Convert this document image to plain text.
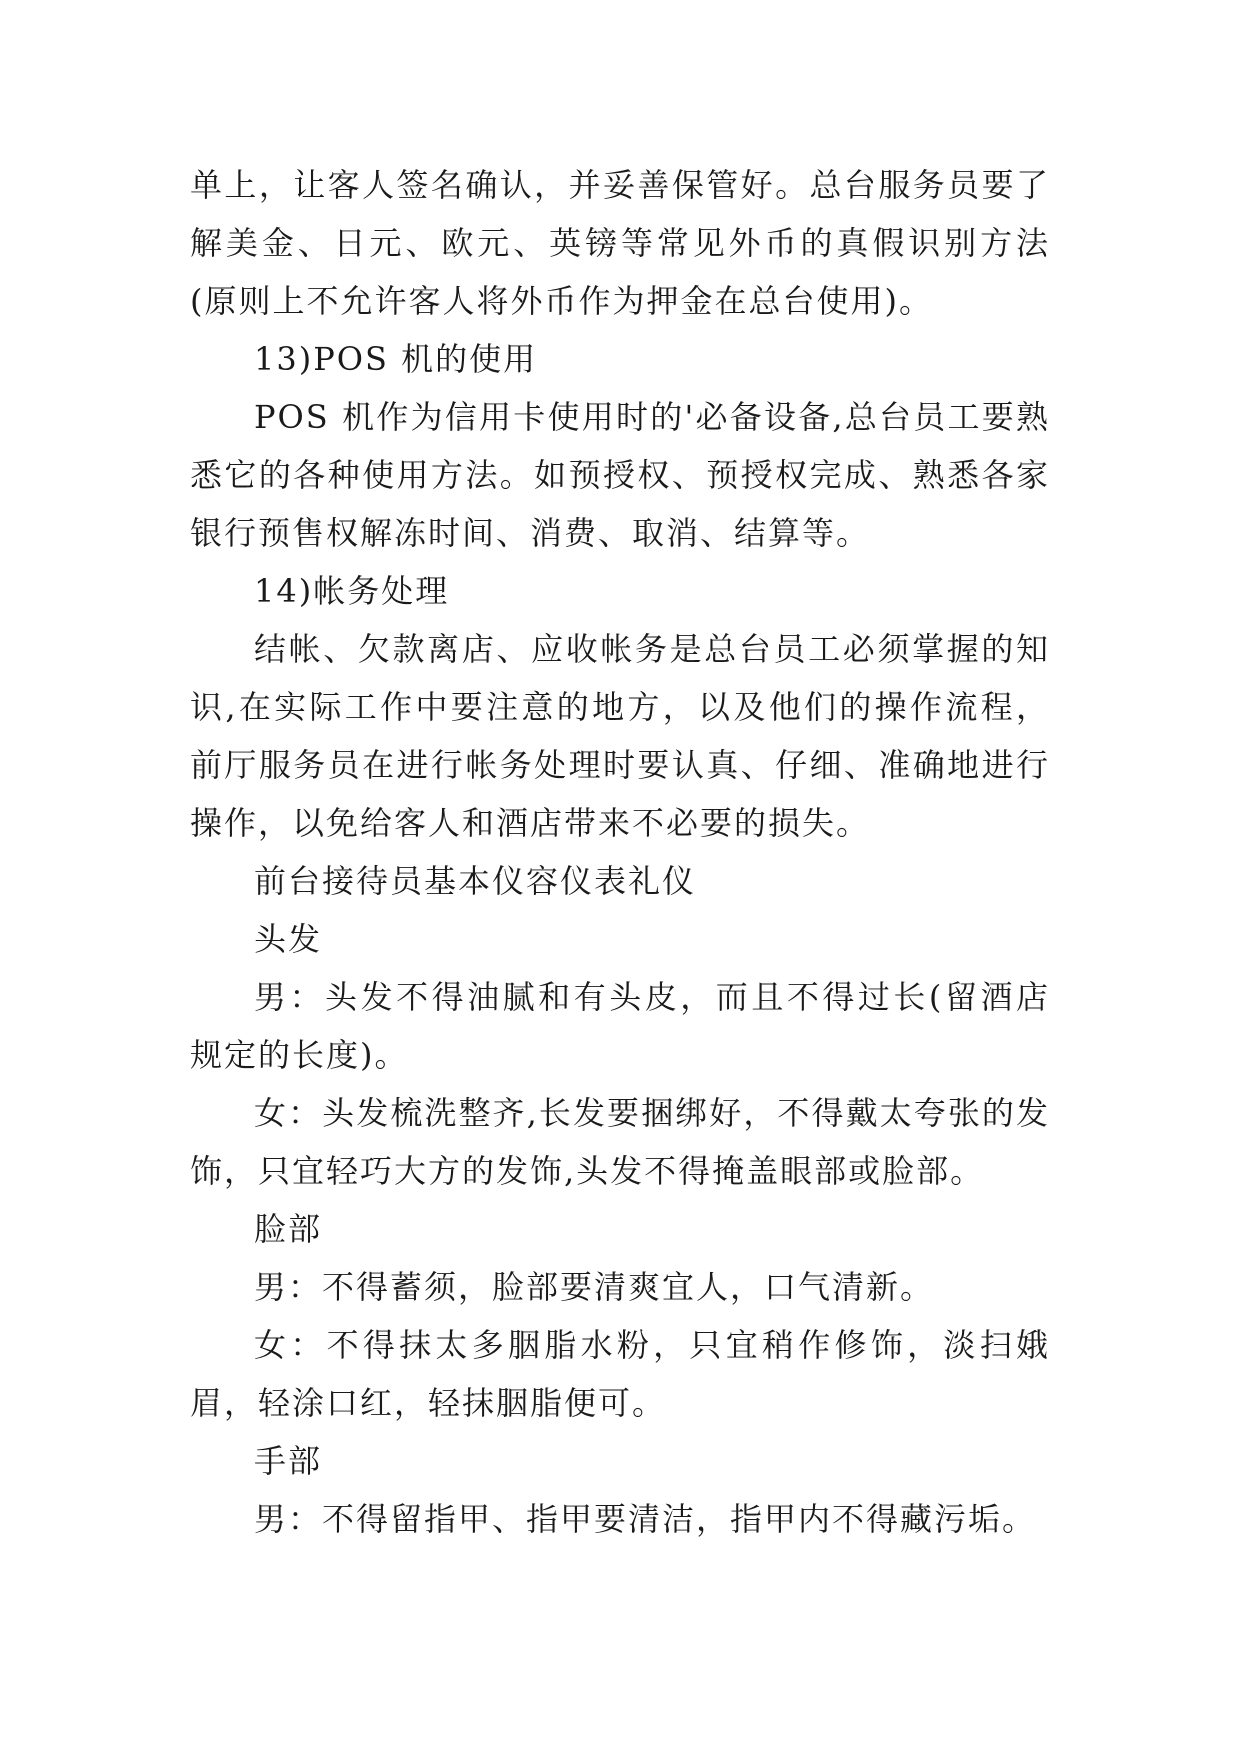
单上，让客人签名确认，并妥善保管好。总台服务员要了解美金、日元、欧元、英镑等常见外币的真假识别方法(原则上不允许客人将外币作为押金在总台使用)。

13)POS 机的使用

POS 机作为信用卡使用时的'必备设备,总台员工要熟悉它的各种使用方法。如预授权、预授权完成、熟悉各家银行预售权解冻时间、消费、取消、结算等。

14)帐务处理

结帐、欠款离店、应收帐务是总台员工必须掌握的知识,在实际工作中要注意的地方，以及他们的操作流程，前厅服务员在进行帐务处理时要认真、仔细、准确地进行操作，以免给客人和酒店带来不必要的损失。

前台接待员基本仪容仪表礼仪

头发

男：头发不得油腻和有头皮，而且不得过长(留酒店规定的长度)。

女：头发梳洗整齐,长发要捆绑好，不得戴太夸张的发饰，只宜轻巧大方的发饰,头发不得掩盖眼部或脸部。

脸部

男：不得蓄须，脸部要清爽宜人，口气清新。

女：不得抹太多胭脂水粉，只宜稍作修饰，淡扫娥眉，轻涂口红，轻抹胭脂便可。

手部

男：不得留指甲、指甲要清洁，指甲内不得藏污垢。
